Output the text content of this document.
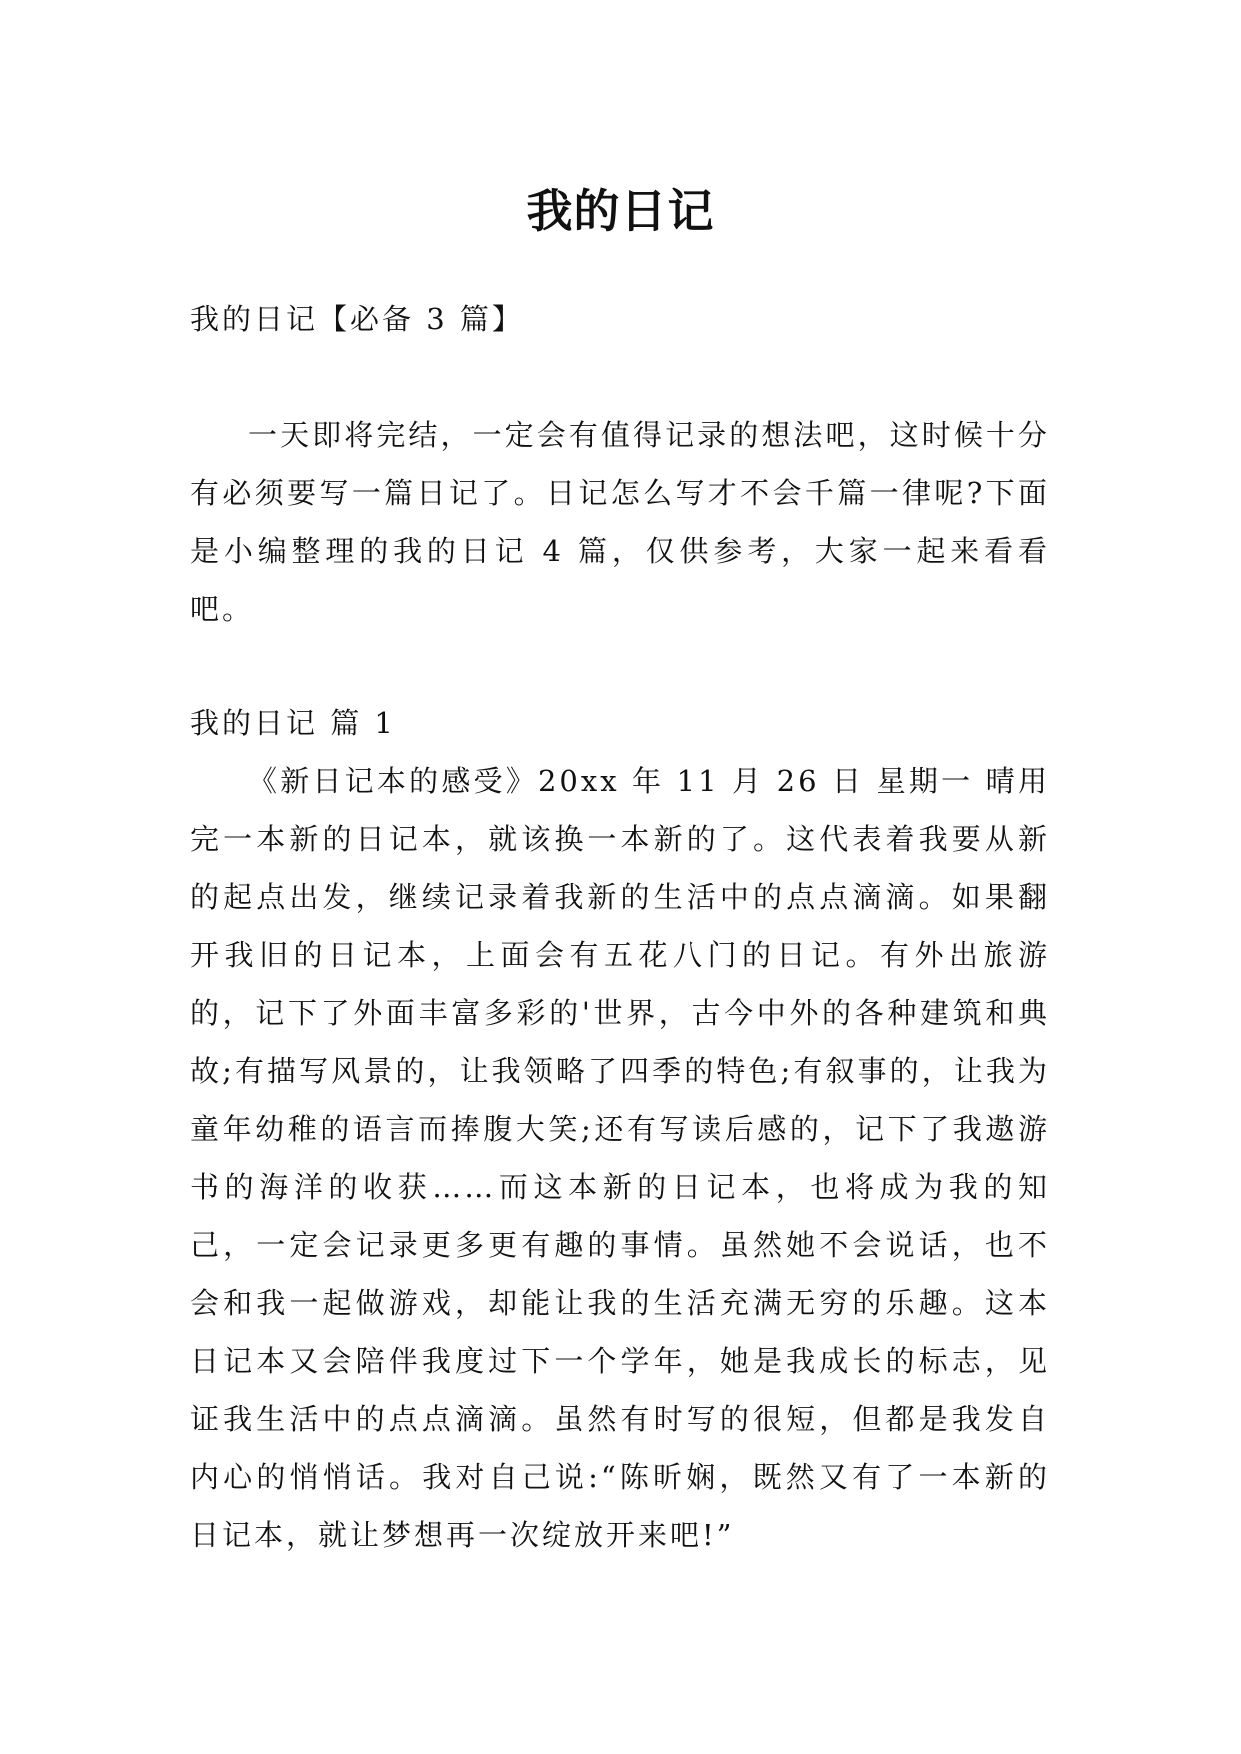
我的日记

我的日记【必备 3 篇】

一天即将完结，一定会有值得记录的想法吧，这时候十分有必须要写一篇日记了。日记怎么写才不会千篇一律呢?下面是小编整理的我的日记 4 篇，仅供参考，大家一起来看看吧。

我的日记 篇 1

《新日记本的感受》20xx 年 11 月 26 日 星期一 晴用完一本新的日记本，就该换一本新的了。这代表着我要从新的起点出发，继续记录着我新的生活中的点点滴滴。如果翻开我旧的日记本，上面会有五花八门的日记。有外出旅游的，记下了外面丰富多彩的'世界，古今中外的各种建筑和典故;有描写风景的，让我领略了四季的特色;有叙事的，让我为童年幼稚的语言而捧腹大笑;还有写读后感的，记下了我遨游书的海洋的收获……而这本新的日记本，也将成为我的知己，一定会记录更多更有趣的事情。虽然她不会说话，也不会和我一起做游戏，却能让我的生活充满无穷的乐趣。这本日记本又会陪伴我度过下一个学年，她是我成长的标志，见证我生活中的点点滴滴。虽然有时写的很短，但都是我发自内心的悄悄话。我对自己说:“陈昕娴，既然又有了一本新的日记本，就让梦想再一次绽放开来吧!”
